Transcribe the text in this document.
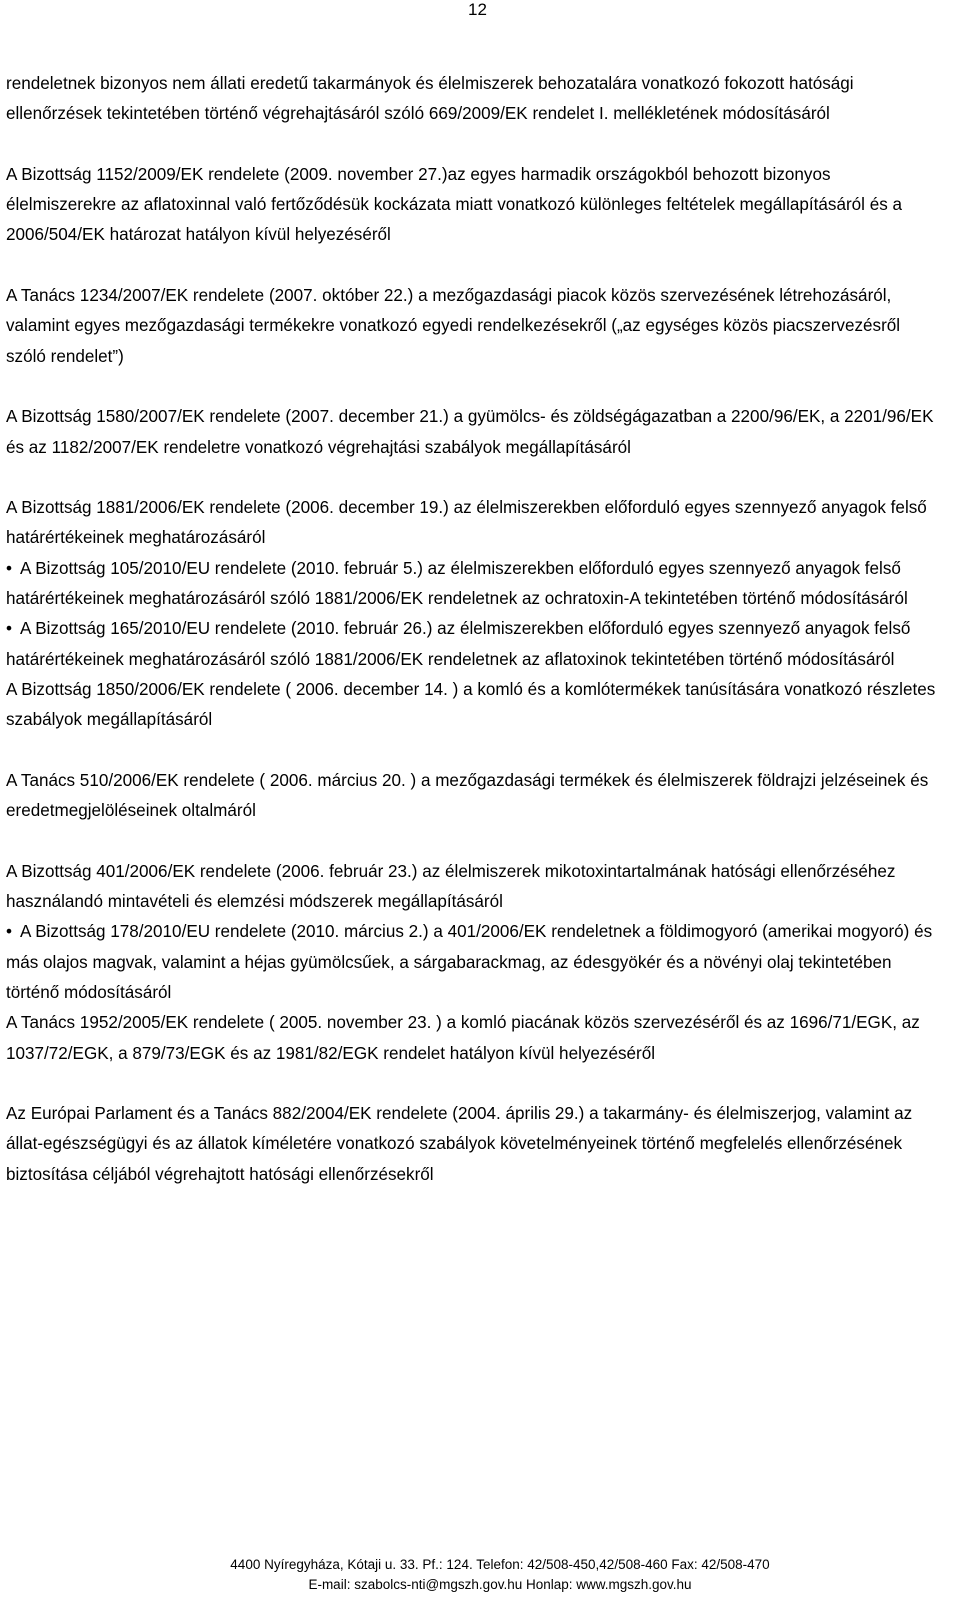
12

rendeletnek bizonyos nem állati eredetű takarmányok és élelmiszerek behozatalára vonatkozó fokozott hatósági ellenőrzések tekintetében történő végrehajtásáról szóló 669/2009/EK rendelet I. mellékletének módosításáról

A Bizottság 1152/2009/EK rendelete (2009. november 27.)az egyes harmadik országokból behozott bizonyos élelmiszerekre az aflatoxinnal való fertőződésük kockázata miatt vonatkozó különleges feltételek megállapításáról és a 2006/504/EK határozat hatályon kívül helyezéséről

A Tanács 1234/2007/EK rendelete (2007. október 22.) a mezőgazdasági piacok közös szervezésének létrehozásáról, valamint egyes mezőgazdasági termékekre vonatkozó egyedi rendelkezésekről („az egységes közös piacszervezésről szóló rendelet”)

A Bizottság 1580/2007/EK rendelete (2007. december 21.) a gyümölcs- és zöldségágazatban a 2200/96/EK, a 2201/96/EK és az 1182/2007/EK rendeletre vonatkozó végrehajtási szabályok megállapításáról

A Bizottság 1881/2006/EK rendelete (2006. december 19.) az élelmiszerekben előforduló egyes szennyező anyagok felső határértékeinek meghatározásáról

• A Bizottság 105/2010/EU rendelete (2010. február 5.) az élelmiszerekben előforduló egyes szennyező anyagok felső határértékeinek meghatározásáról szóló 1881/2006/EK rendeletnek az ochratoxin-A tekintetében történő módosításáról

• A Bizottság 165/2010/EU rendelete (2010. február 26.) az élelmiszerekben előforduló egyes szennyező anyagok felső határértékeinek meghatározásáról szóló 1881/2006/EK rendeletnek az aflatoxinok tekintetében történő módosításáról

A Bizottság 1850/2006/EK rendelete ( 2006. december 14. ) a komló és a komlótermékek tanúsítására vonatkozó részletes szabályok megállapításáról

A Tanács 510/2006/EK rendelete ( 2006. március 20. ) a mezőgazdasági termékek és élelmiszerek földrajzi jelzéseinek és eredetmegjelöléseinek oltalmáról

A Bizottság 401/2006/EK rendelete (2006. február 23.) az élelmiszerek mikotoxintartalmának hatósági ellenőrzéséhez használandó mintavételi és elemzési módszerek megállapításáról

• A Bizottság 178/2010/EU rendelete (2010. március 2.) a 401/2006/EK rendeletnek a földimogyoró (amerikai mogyoró) és más olajos magvak, valamint a héjas gyümölcsűek, a sárgabarackmag, az édesgyökér és a növényi olaj tekintetében történő módosításáról

A Tanács 1952/2005/EK rendelete ( 2005. november 23. ) a komló piacának közös szervezéséről és az 1696/71/EGK, az 1037/72/EGK, a 879/73/EGK és az 1981/82/EGK rendelet hatályon kívül helyezéséről

Az Európai Parlament és a Tanács 882/2004/EK rendelete (2004. április 29.) a takarmány- és élelmiszerjog, valamint az állat-egészségügyi és az állatok kíméletére vonatkozó szabályok követelményeinek történő megfelelés ellenőrzésének biztosítása céljából végrehajtott hatósági ellenőrzésekről

4400 Nyíregyháza, Kótaji u. 33. Pf.: 124. Telefon: 42/508-450,42/508-460 Fax: 42/508-470
E-mail: szabolcs-nti@mgszh.gov.hu Honlap: www.mgszh.gov.hu
